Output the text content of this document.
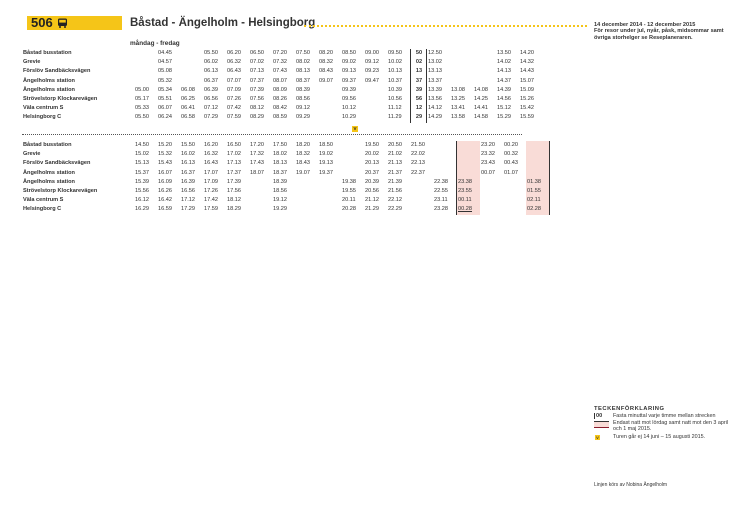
506	Båstad - Ängelholm - Helsingborg	14 december 2014 - 12 december 2015
För resor under jul, nyår, påsk, midsommar samt övriga storhelger se Reseplaneraren.
måndag - fredag
Båstad busstation		04.45		05.50	06.20	06.50	07.20	07.50	08.20	08.50	09.00	09.50		50		12.50			13.50	14.20
Grevie		04.57		06.02	06.32	07.02	07.32	08.02	08.32	09.02	09.12	10.02		02		13.02			14.02	14.32
Förslöv Sandbäcksvägen		05.08		06.13	06.43	07.13	07.43	08.13	08.43	09.13	09.23	10.13		13		13.13			14.13	14.43
Ängelholms station		05.32		06.37	07.07	07.37	08.07	08.37	09.07	09.37	09.47	10.37		37		13.37			14.37	15.07
Ängelholms station	05.00	05.34	06.08	06.39	07.09	07.39	08.09	08.39		09.39		10.39		39		13.39	13.08	14.08	14.39	15.09
Strövelstorp Klockarevägen	05.17	05.51	06.25	06.56	07.26	07.56	08.26	08.56		09.56		10.56		56		13.56	13.25	14.25	14.56	15.26
Väla centrum S	05.33	06.07	06.41	07.12	07.42	08.12	08.42	09.12		10.12		11.12		12		14.12	13.41	14.41	15.12	15.42
Helsingborg C	05.50	06.24	06.58	07.29	07.59	08.29	08.59	09.29		10.29		11.29		29		14.29	13.58	14.58	15.29	15.59
V
Båstad busstation	14.50	15.20	15.50	16.20	16.50	17.20	17.50	18.20	18.50		19.50	20.50	21.50			23.20	00.20	
Grevie	15.02	15.32	16.02	16.32	17.02	17.32	18.02	18.32	19.02		20.02	21.02	22.02			23.32	00.32	
Förslöv Sandbäcksvägen	15.13	15.43	16.13	16.43	17.13	17.43	18.13	18.43	19.13		20.13	21.13	22.13			23.43	00.43	
Ängelholms station	15.37	16.07	16.37	17.07	17.37	18.07	18.37	19.07	19.37		20.37	21.37	22.37			00.07	01.07	
Ängelholms station	15.39	16.09	16.39	17.09	17.39		18.39			19.38	20.39	21.39		22.38	23.38			01.38
Strövelstorp Klockarevägen	15.56	16.26	16.56	17.26	17.56		18.56			19.55	20.56	21.56		22.55	23.55			01.55
Väla centrum S	16.12	16.42	17.12	17.42	18.12		19.12			20.11	21.12	22.12		23.11	00.11			02.11
Helsingborg C	16.29	16.59	17.29	17.59	18.29		19.29			20.28	21.29	22.29		23.28	00.28			02.28
TECKENFÖRKLARING
00 Fasta minuttal varje timme mellan strecken
Endast natt mot lördag samt natt mot den 3 april och 1 maj 2015.
V	Turen går ej 14 juni – 15 augusti 2015.
Linjen körs av Nobina Ängelholm
